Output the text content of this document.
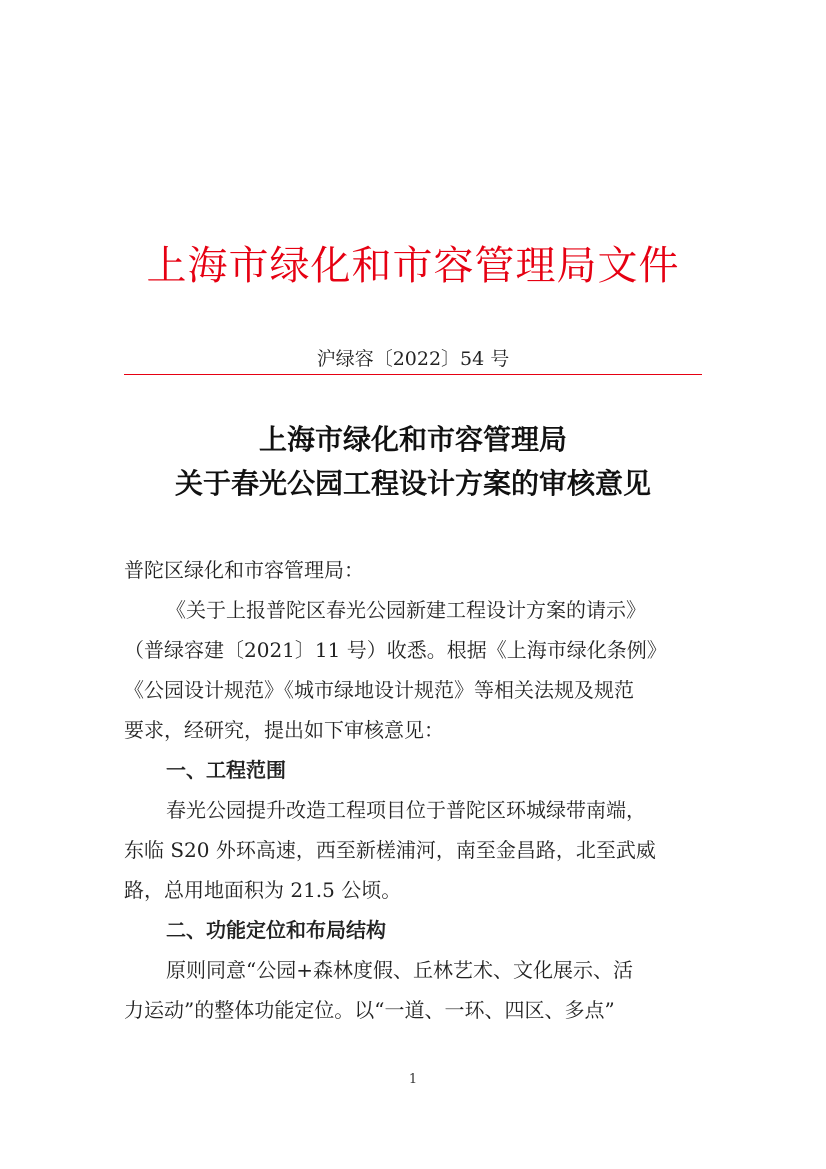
上海市绿化和市容管理局文件
沪绿容〔2022〕54 号
上海市绿化和市容管理局
关于春光公园工程设计方案的审核意见
普陀区绿化和市容管理局：
《关于上报普陀区春光公园新建工程设计方案的请示》
（普绿容建〔2021〕11 号）收悉。根据《上海市绿化条例》
《公园设计规范》《城市绿地设计规范》等相关法规及规范
要求，经研究，提出如下审核意见：
一、工程范围
春光公园提升改造工程项目位于普陀区环城绿带南端，
东临 S20 外环高速，西至新槎浦河，南至金昌路，北至武威
路，总用地面积为 21.5 公顷。
二、功能定位和布局结构
原则同意“公园+森林度假、丘林艺术、文化展示、活
力运动”的整体功能定位。以“一道、一环、四区、多点”
1
